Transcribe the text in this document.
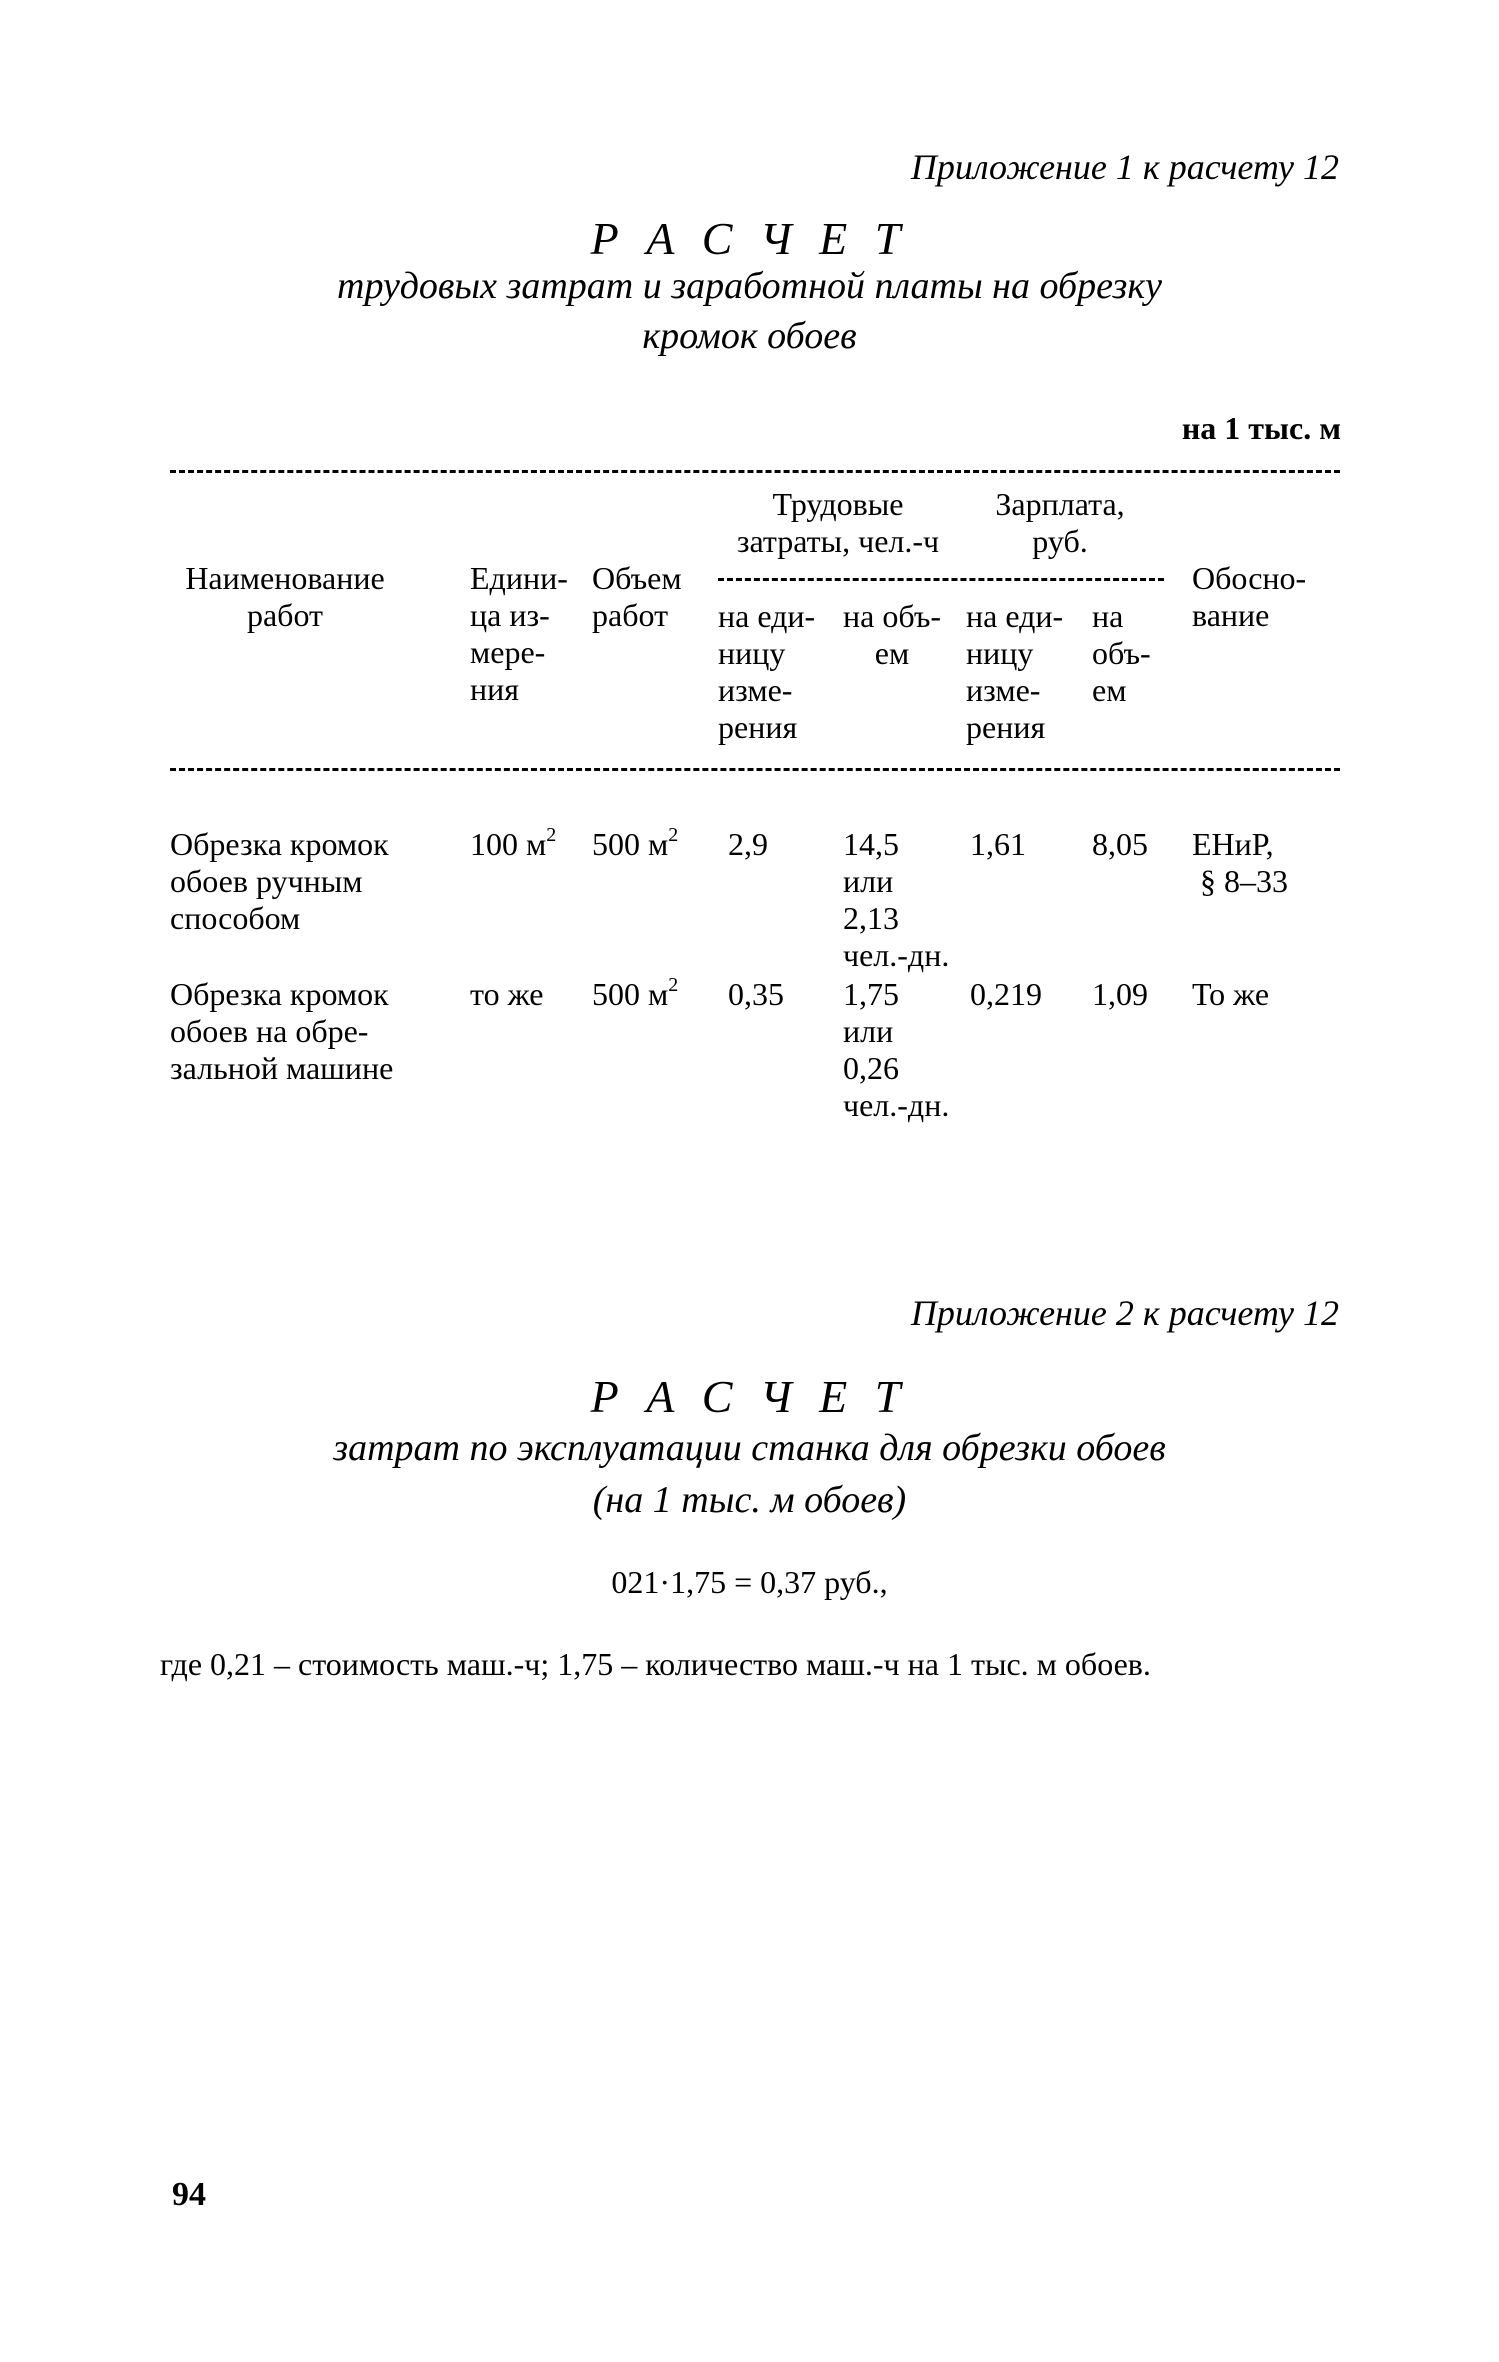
Приложение 1 к расчету 12
Р А С Ч Е Т
трудовых затрат и заработной платы на обрезку
кромок обоев
на 1 тыс. м
Наименование
работ
Едини-
ца из-
мере-
ния
Объем
работ
Трудовые
затраты, чел.-ч
Зарплата,
руб.
Обосно-
вание
на еди-
ницу
изме-
рения
на объ-
ем
на еди-
ницу
изме-
рения
на
объ-
ем
Обрезка кромок
обоев ручным
способом
100 $м^2$ 500 $м^2$ 2,9 14,5
или
2,13
чел.-дн.
1,61 8,05 ЕНиР,
§ 8–33
Обрезка кромок
обоев на обре-
зальной машине
то же 500 $м^2$ 0,35 1,75
или
0,26
чел.-дн.
0,219 1,09 То же
Приложение 2 к расчету 12
Р А С Ч Е Т
затрат по эксплуатации станка для обрезки обоев
(на 1 тыс. м обоев)
021·1,75 = 0,37 руб.,
где 0,21 – стоимость маш.-ч; 1,75 – количество маш.-ч на 1 тыс. м обоев.
94
